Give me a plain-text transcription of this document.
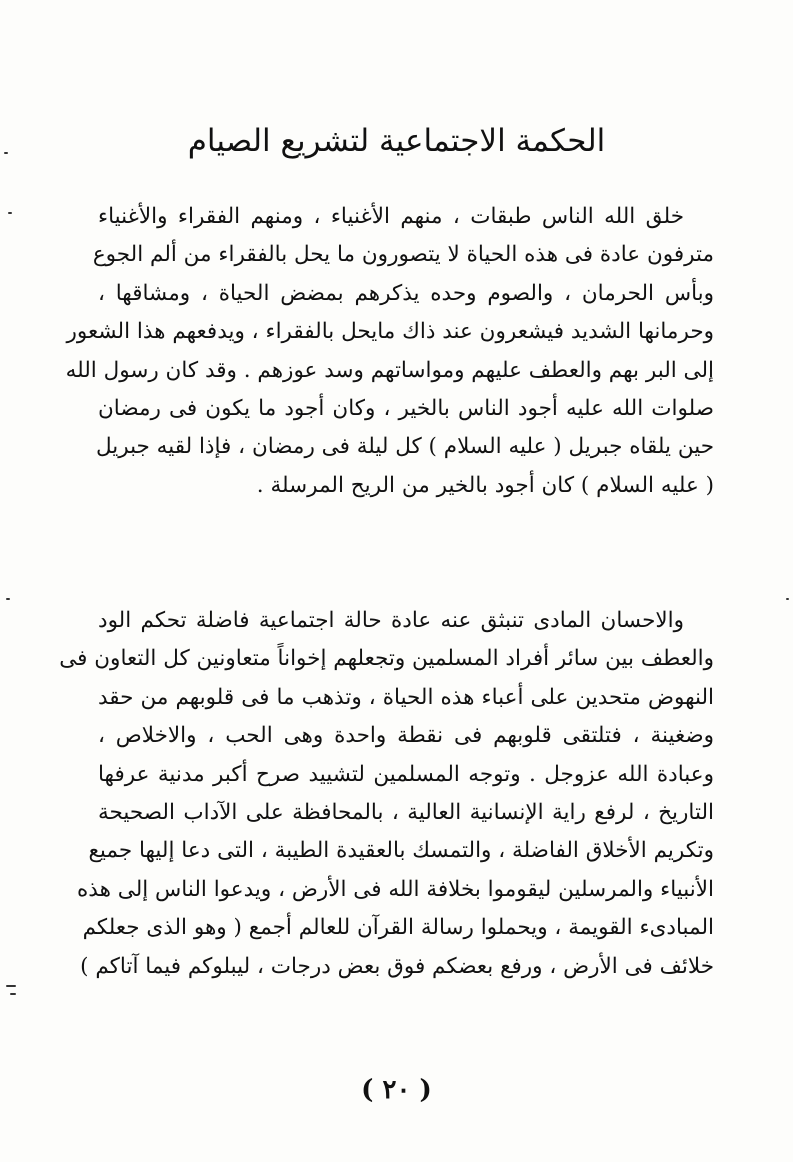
الحكمة الاجتماعية لتشريع الصيام
خلق الله الناس طبقات ، منهم الأغنياء ، ومنهم الفقراء والأغنياء
مترفون عادة فى هذه الحياة لا يتصورون ما يحل بالفقراء من ألم الجوع
وبأس الحرمان ، والصوم وحده يذكرهم بمضض الحياة ، ومشاقها ،
وحرمانها الشديد فيشعرون عند ذاك مايحل بالفقراء ، ويدفعهم هذا الشعور
إلى البر بهم والعطف عليهم ومواساتهم وسد عوزهم . وقد كان رسول الله
صلوات الله عليه أجود الناس بالخير ، وكان أجود ما يكون فى رمضان
حين يلقاه جبريل ( عليه السلام ) كل ليلة فى رمضان ، فإذا لقيه جبريل
( عليه السلام ) كان أجود بالخير من الريح المرسلة .
والاحسان المادى تنبثق عنه عادة حالة اجتماعية فاضلة تحكم الود
والعطف بين سائر أفراد المسلمين وتجعلهم إخواناً متعاونين كل التعاون فى
النهوض متحدين على أعباء هذه الحياة ، وتذهب ما فى قلوبهم من حقد
وضغينة ، فتلتقى قلوبهم فى نقطة واحدة وهى الحب ، والاخلاص ،
وعبادة الله عزوجل . وتوجه المسلمين لتشييد صرح أكبر مدنية عرفها
التاريخ ، لرفع راية الإنسانية العالية ، بالمحافظة على الآداب الصحيحة
وتكريم الأخلاق الفاضلة ، والتمسك بالعقيدة الطيبة ، التى دعا إليها جميع
الأنبياء والمرسلين ليقوموا بخلافة الله فى الأرض ، ويدعوا الناس إلى هذه
المبادىء القويمة ، ويحملوا رسالة القرآن للعالم أجمع ( وهو الذى جعلكم
خلائف فى الأرض ، ورفع بعضكم فوق بعض درجات ، ليبلوكم فيما آتاكم )
( ٢٠ )
